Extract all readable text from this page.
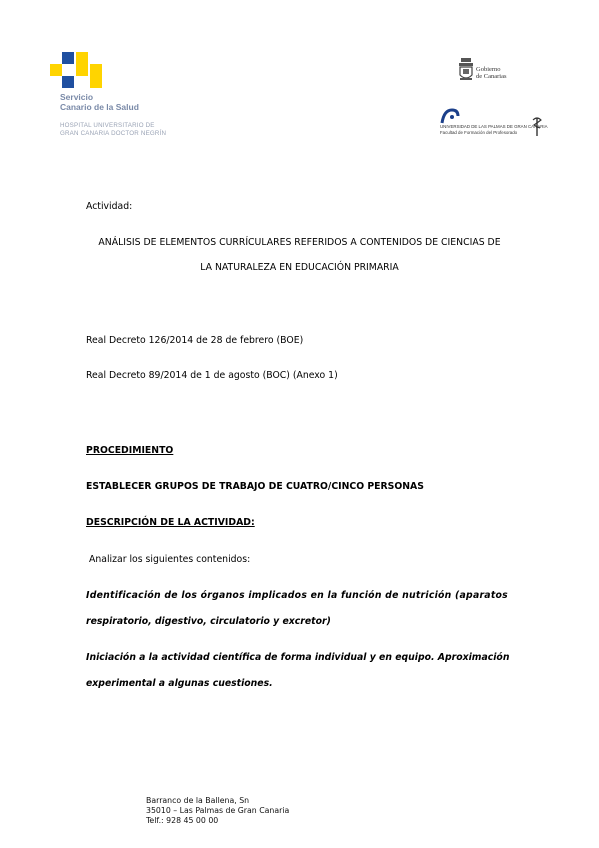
Servicio
Canario de la Salud
HOSPITAL UNIVERSITARIO DE
GRAN CANARIA DOCTOR NEGRÍN
Gobierno
de Canarias
UNIVERSIDAD DE LAS PALMAS DE GRAN CANARIA
Facultad de Formación del Profesorado
Actividad:
ANÁLISIS DE ELEMENTOS CURRÍCULARES REFERIDOS A CONTENIDOS DE CIENCIAS DE
LA NATURALEZA EN EDUCACIÓN PRIMARIA
Real Decreto 126/2014 de 28 de febrero (BOE)
Real Decreto 89/2014 de 1 de agosto (BOC) (Anexo 1)
PROCEDIMIENTO
ESTABLECER GRUPOS DE TRABAJO DE CUATRO/CINCO PERSONAS
DESCRIPCIÓN DE LA ACTIVIDAD:
Analizar los siguientes contenidos:
Identificación de los órganos implicados en la función de nutrición (aparatos
respiratorio, digestivo, circulatorio y excretor)
Iniciación a la actividad científica de forma individual y en equipo. Aproximación
experimental a algunas cuestiones.
Barranco de la Ballena, Sn
35010 – Las Palmas de Gran Canaria
Telf.: 928 45 00 00
